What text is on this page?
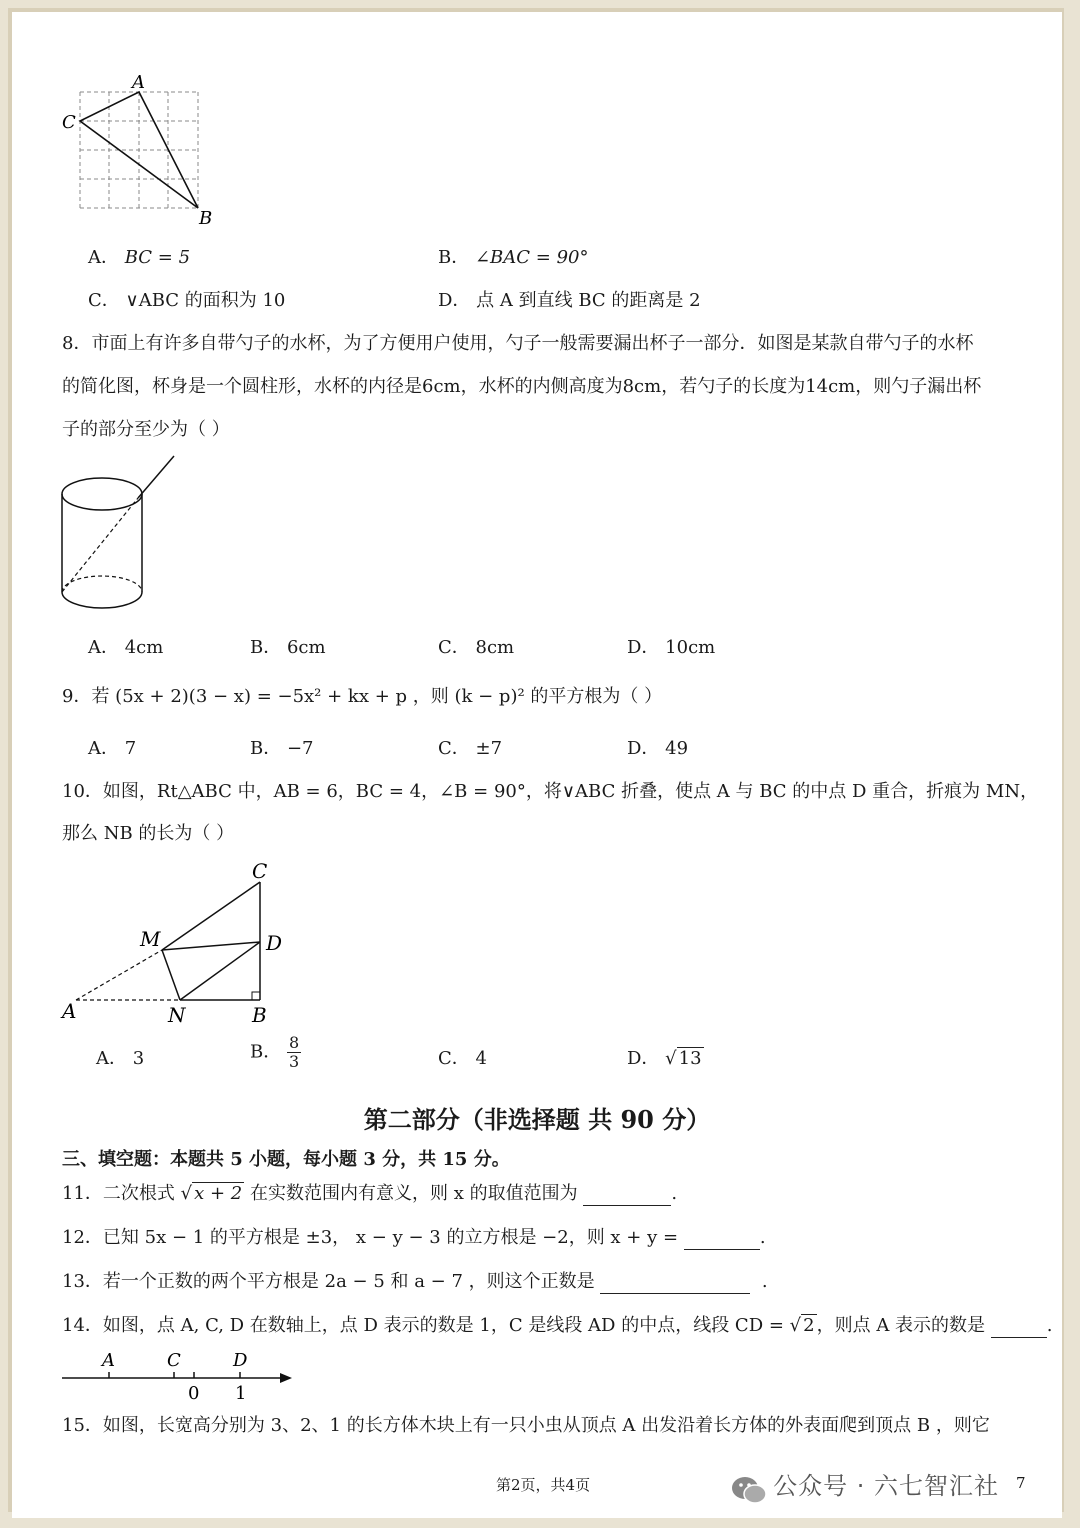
A
C
B
A． BC = 5	B． ∠BAC = 90°
C． ∨ABC 的面积为 10	D． 点 A 到直线 BC 的距离是 2
8．市面上有许多自带勺子的水杯，为了方便用户使用，勺子一般需要漏出杯子一部分．如图是某款自带勺子的水杯
的简化图，杯身是一个圆柱形，水杯的内径是6cm，水杯的内侧高度为8cm，若勺子的长度为14cm，则勺子漏出杯
子的部分至少为（ ）
A． 4cm	B． 6cm	C． 8cm	D． 10cm
9．若 (5x + 2)(3 − x) = −5x² + kx + p ，则 (k − p)² 的平方根为（ ）
A． 7	B． −7	C． ±7	D． 49
10．如图，Rt△ABC 中，AB = 6，BC = 4，∠B = 90°，将∨ABC 折叠，使点 A 与 BC 的中点 D 重合，折痕为 MN，
那么 NB 的长为（ ）
C
M	D
A	N	B
A． 3	B． $\frac{8}{3}$	C． 4	D． √ 13
第二部分（非选择题 共 90 分）
三、填空题：本题共 5 小题，每小题 3 分，共 15 分。
11．二次根式 √ x + 2 在实数范围内有意义，则 x 的取值范围为	.
12．已知 5x − 1 的平方根是 ±3， x − y − 3 的立方根是 −2，则 x + y =	.
13．若一个正数的两个平方根是 2a − 5 和 a − 7 ，则这个正数是	.
14．如图，点 A, C, D 在数轴上，点 D 表示的数是 1，C 是线段 AD 的中点，线段 CD = √ 2 ，则点 A 表示的数是	.
A	C	D
0 1
15．如图，长宽高分别为 3、2、1 的长方体木块上有一只小虫从顶点 A 出发沿着长方体的外表面爬到顶点 B ，则它
第2页，共4页	公众号 · 六七智汇社 7
